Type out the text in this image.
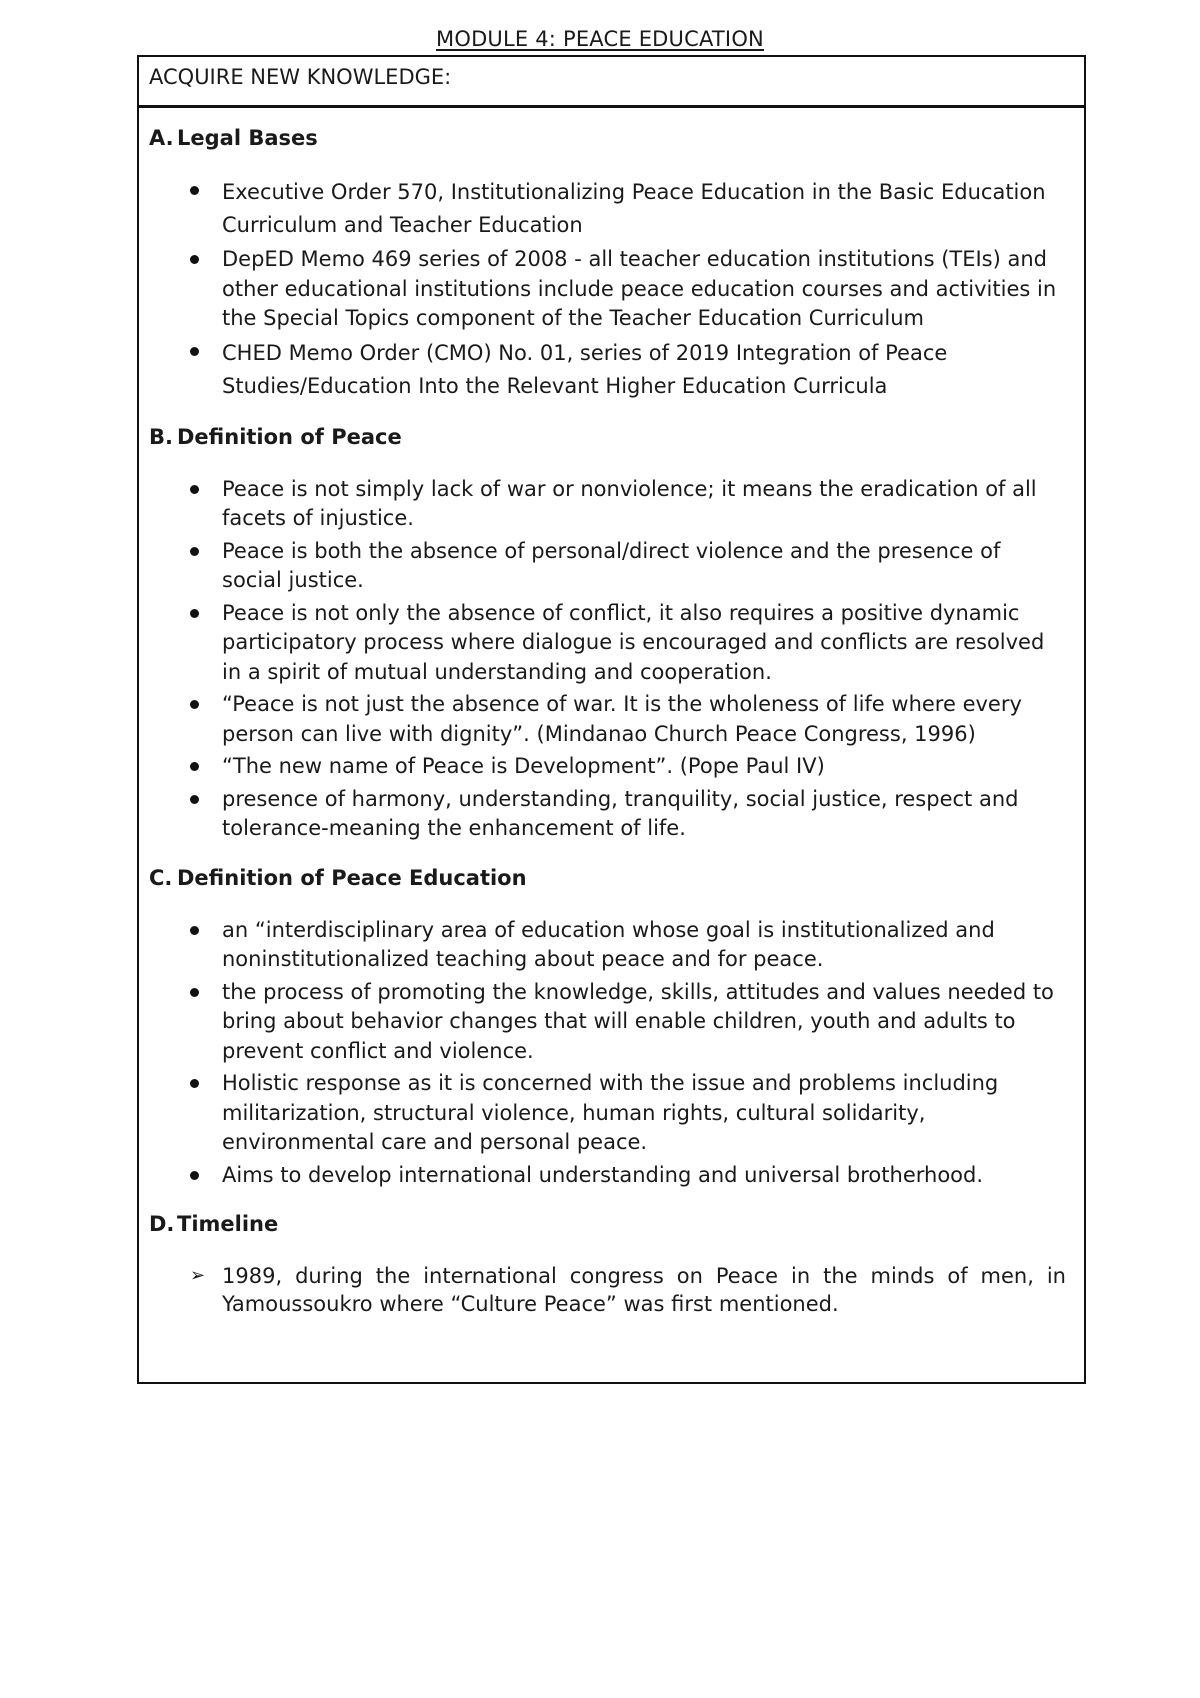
MODULE 4: PEACE EDUCATION
ACQUIRE NEW KNOWLEDGE:
A. Legal Bases
Executive Order 570, Institutionalizing Peace Education in the Basic Education Curriculum and Teacher Education
DepED Memo 469 series of 2008 - all teacher education institutions (TEIs) and other educational institutions include peace education courses and activities in the Special Topics component of the Teacher Education Curriculum
CHED Memo Order (CMO) No. 01, series of 2019 Integration of Peace Studies/Education Into the Relevant Higher Education Curricula
B. Definition of Peace
Peace is not simply lack of war or nonviolence; it means the eradication of all facets of injustice.
Peace is both the absence of personal/direct violence and the presence of social justice.
Peace is not only the absence of conflict, it also requires a positive dynamic participatory process where dialogue is encouraged and conflicts are resolved in a spirit of mutual understanding and cooperation.
“Peace is not just the absence of war. It is the wholeness of life where every person can live with dignity”. (Mindanao Church Peace Congress, 1996)
“The new name of Peace is Development”. (Pope Paul IV)
presence of harmony, understanding, tranquility, social justice, respect and tolerance-meaning the enhancement of life.
C. Definition of Peace Education
an “interdisciplinary area of education whose goal is institutionalized and noninstitutionalized teaching about peace and for peace.
the process of promoting the knowledge, skills, attitudes and values needed to bring about behavior changes that will enable children, youth and adults to prevent conflict and violence.
Holistic response as it is concerned with the issue and problems including militarization, structural violence, human rights, cultural solidarity, environmental care and personal peace.
Aims to develop international understanding and universal brotherhood.
D. Timeline
➢ 1989, during the international congress on Peace in the minds of men, in Yamoussoukro where “Culture Peace” was first mentioned.
